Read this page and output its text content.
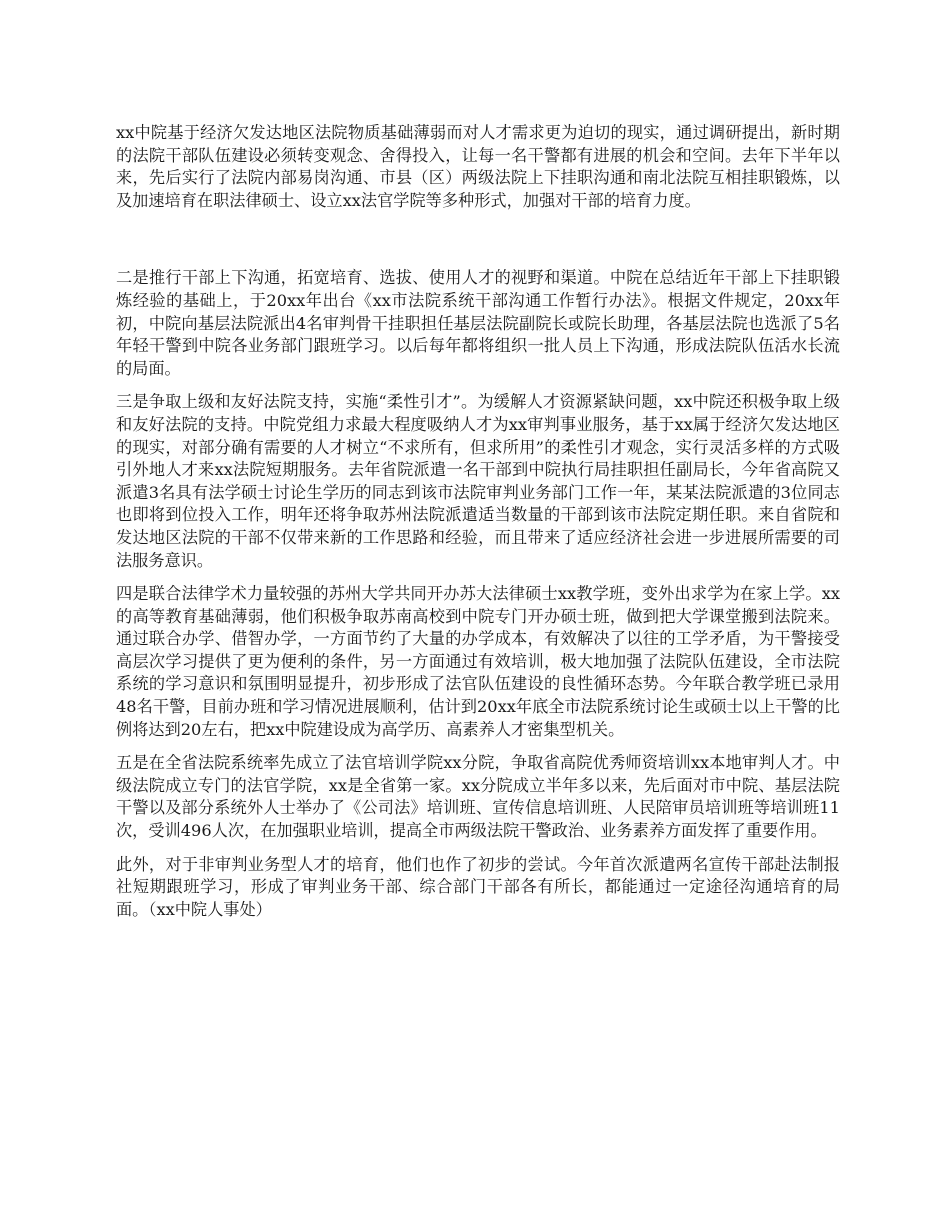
xx中院基于经济欠发达地区法院物质基础薄弱而对人才需求更为迫切的现实，通过调研提出，新时期的法院干部队伍建设必须转变观念、舍得投入，让每一名干警都有进展的机会和空间。去年下半年以来，先后实行了法院内部易岗沟通、市县（区）两级法院上下挂职沟通和南北法院互相挂职锻炼，以及加速培育在职法律硕士、设立xx法官学院等多种形式，加强对干部的培育力度。

二是推行干部上下沟通，拓宽培育、选拔、使用人才的视野和渠道。中院在总结近年干部上下挂职锻炼经验的基础上，于20xx年出台《xx市法院系统干部沟通工作暂行办法》。根据文件规定，20xx年初，中院向基层法院派出4名审判骨干挂职担任基层法院副院长或院长助理，各基层法院也选派了5名年轻干警到中院各业务部门跟班学习。以后每年都将组织一批人员上下沟通，形成法院队伍活水长流的局面。

三是争取上级和友好法院支持，实施“柔性引才”。为缓解人才资源紧缺问题，xx中院还积极争取上级和友好法院的支持。中院党组力求最大程度吸纳人才为xx审判事业服务，基于xx属于经济欠发达地区的现实，对部分确有需要的人才树立“不求所有，但求所用”的柔性引才观念，实行灵活多样的方式吸引外地人才来xx法院短期服务。去年省院派遣一名干部到中院执行局挂职担任副局长，今年省高院又派遣3名具有法学硕士讨论生学历的同志到该市法院审判业务部门工作一年，某某法院派遣的3位同志也即将到位投入工作，明年还将争取苏州法院派遣适当数量的干部到该市法院定期任职。来自省院和发达地区法院的干部不仅带来新的工作思路和经验，而且带来了适应经济社会进一步进展所需要的司法服务意识。

四是联合法律学术力量较强的苏州大学共同开办苏大法律硕士xx教学班，变外出求学为在家上学。xx的高等教育基础薄弱，他们积极争取苏南高校到中院专门开办硕士班，做到把大学课堂搬到法院来。通过联合办学、借智办学，一方面节约了大量的办学成本，有效解决了以往的工学矛盾，为干警接受高层次学习提供了更为便利的条件，另一方面通过有效培训，极大地加强了法院队伍建设，全市法院系统的学习意识和氛围明显提升，初步形成了法官队伍建设的良性循环态势。今年联合教学班已录用48名干警，目前办班和学习情况进展顺利，估计到20xx年底全市法院系统讨论生或硕士以上干警的比例将达到20左右，把xx中院建设成为高学历、高素养人才密集型机关。

五是在全省法院系统率先成立了法官培训学院xx分院，争取省高院优秀师资培训xx本地审判人才。中级法院成立专门的法官学院，xx是全省第一家。xx分院成立半年多以来，先后面对市中院、基层法院干警以及部分系统外人士举办了《公司法》培训班、宣传信息培训班、人民陪审员培训班等培训班11次，受训496人次，在加强职业培训，提高全市两级法院干警政治、业务素养方面发挥了重要作用。

此外，对于非审判业务型人才的培育，他们也作了初步的尝试。今年首次派遣两名宣传干部赴法制报社短期跟班学习，形成了审判业务干部、综合部门干部各有所长，都能通过一定途径沟通培育的局面。（xx中院人事处）
